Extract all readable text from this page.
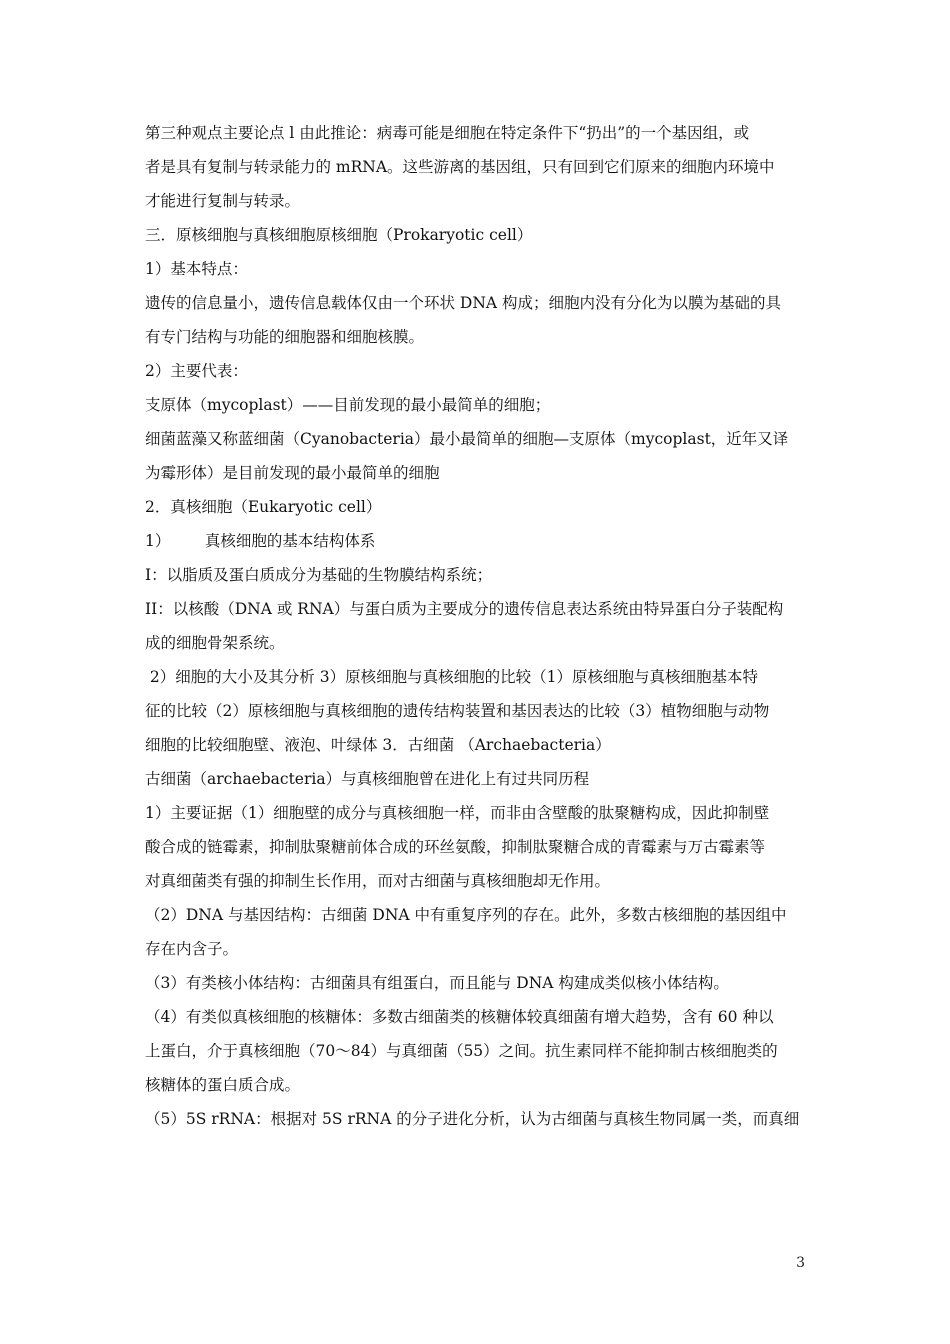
第三种观点主要论点 l 由此推论：病毒可能是细胞在特定条件下“扔出”的一个基因组，或
者是具有复制与转录能力的 mRNA。这些游离的基因组，只有回到它们原来的细胞内环境中
才能进行复制与转录。
三．原核细胞与真核细胞原核细胞（Prokaryotic cell）
1）基本特点：
遗传的信息量小，遗传信息载体仅由一个环状 DNA 构成；细胞内没有分化为以膜为基础的具
有专门结构与功能的细胞器和细胞核膜。
2）主要代表：
支原体（mycoplast）——目前发现的最小最简单的细胞；
细菌蓝藻又称蓝细菌（Cyanobacteria）最小最简单的细胞—支原体（mycoplast，近年又译
为霉形体）是目前发现的最小最简单的细胞
2．真核细胞（Eukaryotic cell）
1）       真核细胞的基本结构体系
I：以脂质及蛋白质成分为基础的生物膜结构系统；
II：以核酸（DNA 或 RNA）与蛋白质为主要成分的遗传信息表达系统由特异蛋白分子装配构
成的细胞骨架系统。
2）细胞的大小及其分析 3）原核细胞与真核细胞的比较（1）原核细胞与真核细胞基本特
征的比较（2）原核细胞与真核细胞的遗传结构装置和基因表达的比较（3）植物细胞与动物
细胞的比较细胞壁、液泡、叶绿体 3．古细菌 （Archaebacteria）
古细菌（archaebacteria）与真核细胞曾在进化上有过共同历程
1）主要证据（1）细胞壁的成分与真核细胞一样，而非由含壁酸的肽聚糖构成，因此抑制壁
酸合成的链霉素，抑制肽聚糖前体合成的环丝氨酸，抑制肽聚糖合成的青霉素与万古霉素等
对真细菌类有强的抑制生长作用，而对古细菌与真核细胞却无作用。
（2）DNA 与基因结构：古细菌 DNA 中有重复序列的存在。此外，多数古核细胞的基因组中
存在内含子。
（3）有类核小体结构：古细菌具有组蛋白，而且能与 DNA 构建成类似核小体结构。
（4）有类似真核细胞的核糖体：多数古细菌类的核糖体较真细菌有增大趋势，含有 60 种以
上蛋白，介于真核细胞（70～84）与真细菌（55）之间。抗生素同样不能抑制古核细胞类的
核糖体的蛋白质合成。
（5）5S rRNA：根据对 5S rRNA 的分子进化分析，认为古细菌与真核生物同属一类，而真细
3
